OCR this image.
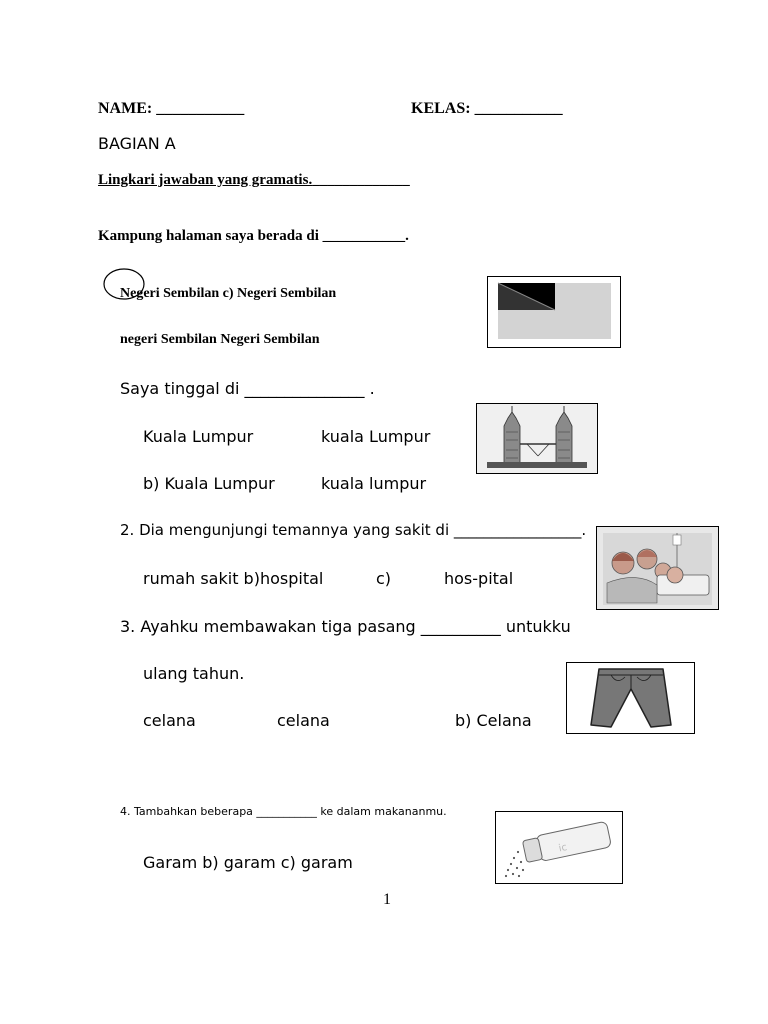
NAME: ___________	KELAS: ___________
BAGIAN A
Lingkari jawaban yang gramatis._____________
Kampung halaman saya berada di ___________.
Negeri Sembilan c) Negeri Sembilan
negeri Sembilan Negeri Sembilan
Saya tinggal di _______________ .
Kuala Lumpur	kuala Lumpur
b) Kuala Lumpur	kuala lumpur
2. Dia mengunjungi temannya yang sakit di _________________.
rumah sakit b)hospital	c)	hos-pital
3. Ayahku membawakan tiga pasang __________ untukku
ulang tahun.
celana	celana	b) Celana
4. Tambahkan beberapa ___________ ke dalam makananmu.
Garam b) garam c) garam
ic
1
